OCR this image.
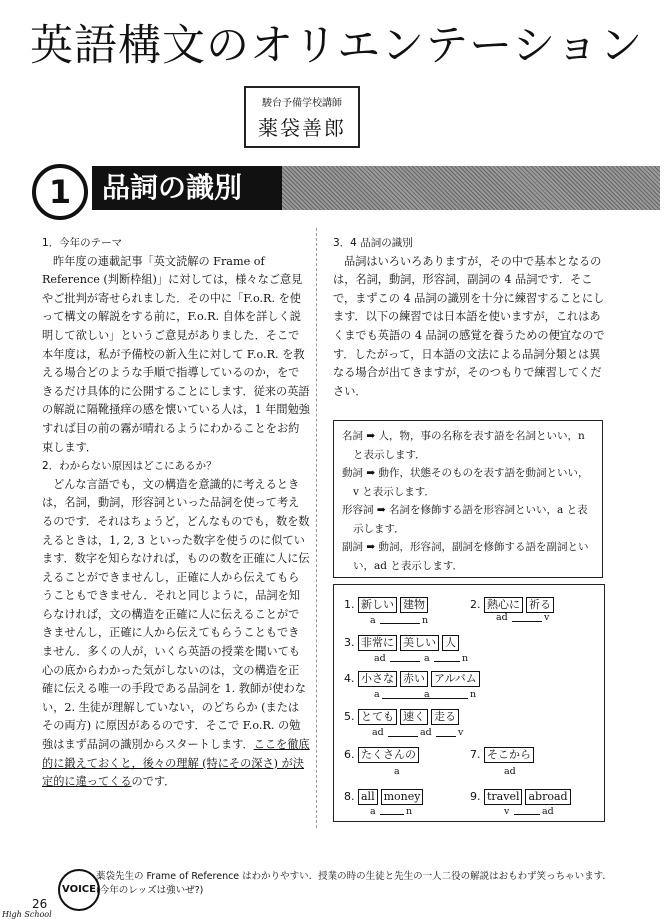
英語構文のオリエンテーション
駿台予備学校講師
薬袋善郎
1	品詞の識別

1．今年のテーマ

昨年度の連載記事「英文読解の Frame of Reference (判断枠組)」に対しては，様々なご意見やご批判が寄せられました．その中に「F.o.R. を使って構文の解説をする前に，F.o.R. 自体を詳しく説明して欲しい」というご意見がありました．そこで本年度は，私が予備校の新入生に対して F.o.R. を教える場合どのような手順で指導しているのか，をできるだけ具体的に公開することにします．従来の英語の解説に隔靴掻痒の感を懐いている人は，1 年間勉強すれば目の前の霧が晴れるようにわかることをお約束します．

2．わからない原因はどこにあるか？

どんな言語でも，文の構造を意識的に考えるときは，名詞，動詞，形容詞といった品詞を使って考えるのです．それはちょうど，どんなものでも，数を数えるときは，1, 2, 3 といった数字を使うのに似ています．数字を知らなければ，ものの数を正確に人に伝えることができませんし，正確に人から伝えてもらうこともできません．それと同じように，品詞を知らなければ，文の構造を正確に人に伝えることができませんし，正確に人から伝えてもらうこともできません．多くの人が，いくら英語の授業を聞いても心の底からわかった気がしないのは，文の構造を正確に伝える唯一の手段である品詞を 1. 教師が使わない，2. 生徒が理解していない，のどちらか (またはその両方) に原因があるのです．そこで F.o.R. の勉強はまず品詞の識別からスタートします．ここを徹底的に鍛えておくと，後々の理解 (特にその深さ) が決定的に違ってくるのです．

3．4 品詞の識別

品詞はいろいろありますが，その中で基本となるのは，名詞，動詞，形容詞，副詞の 4 品詞です．そこで，まずこの 4 品詞の識別を十分に練習することにします．以下の練習では日本語を使いますが，これはあくまでも英語の 4 品詞の感覚を養うための便宜なのです．したがって，日本語の文法による品詞分類とは異なる場合が出てきますが，そのつもりで練習してください．

名詞 ➡ 人，物，事の名称を表す語を名詞といい，n と表示します．
動詞 ➡ 動作，状態そのものを表す語を動詞といい，v と表示します．
形容詞 ➡ 名詞を修飾する語を形容詞といい，a と表示します．
副詞 ➡ 動詞，形容詞，副詞を修飾する語を副詞といい，ad と表示します．
1. 新しい 建物
a	n
2. 熱心に 祈る
ad	v
3. 非常に 美しい 人
ad	a	n
4. 小さな 赤い アルバム
a	a	n
5. とても 速く 走る
ad	ad	v
6. たくさんの
a
7. そこから
ad
8. all money
a	n
9. travel abroad
v	ad
VOICE
薬袋先生の Frame of Reference はわかりやすい．授業の時の生徒と先生の一人二役の解説はおもわず笑っちゃいます．(今年のレッズは強いぜ?)
26
High School
